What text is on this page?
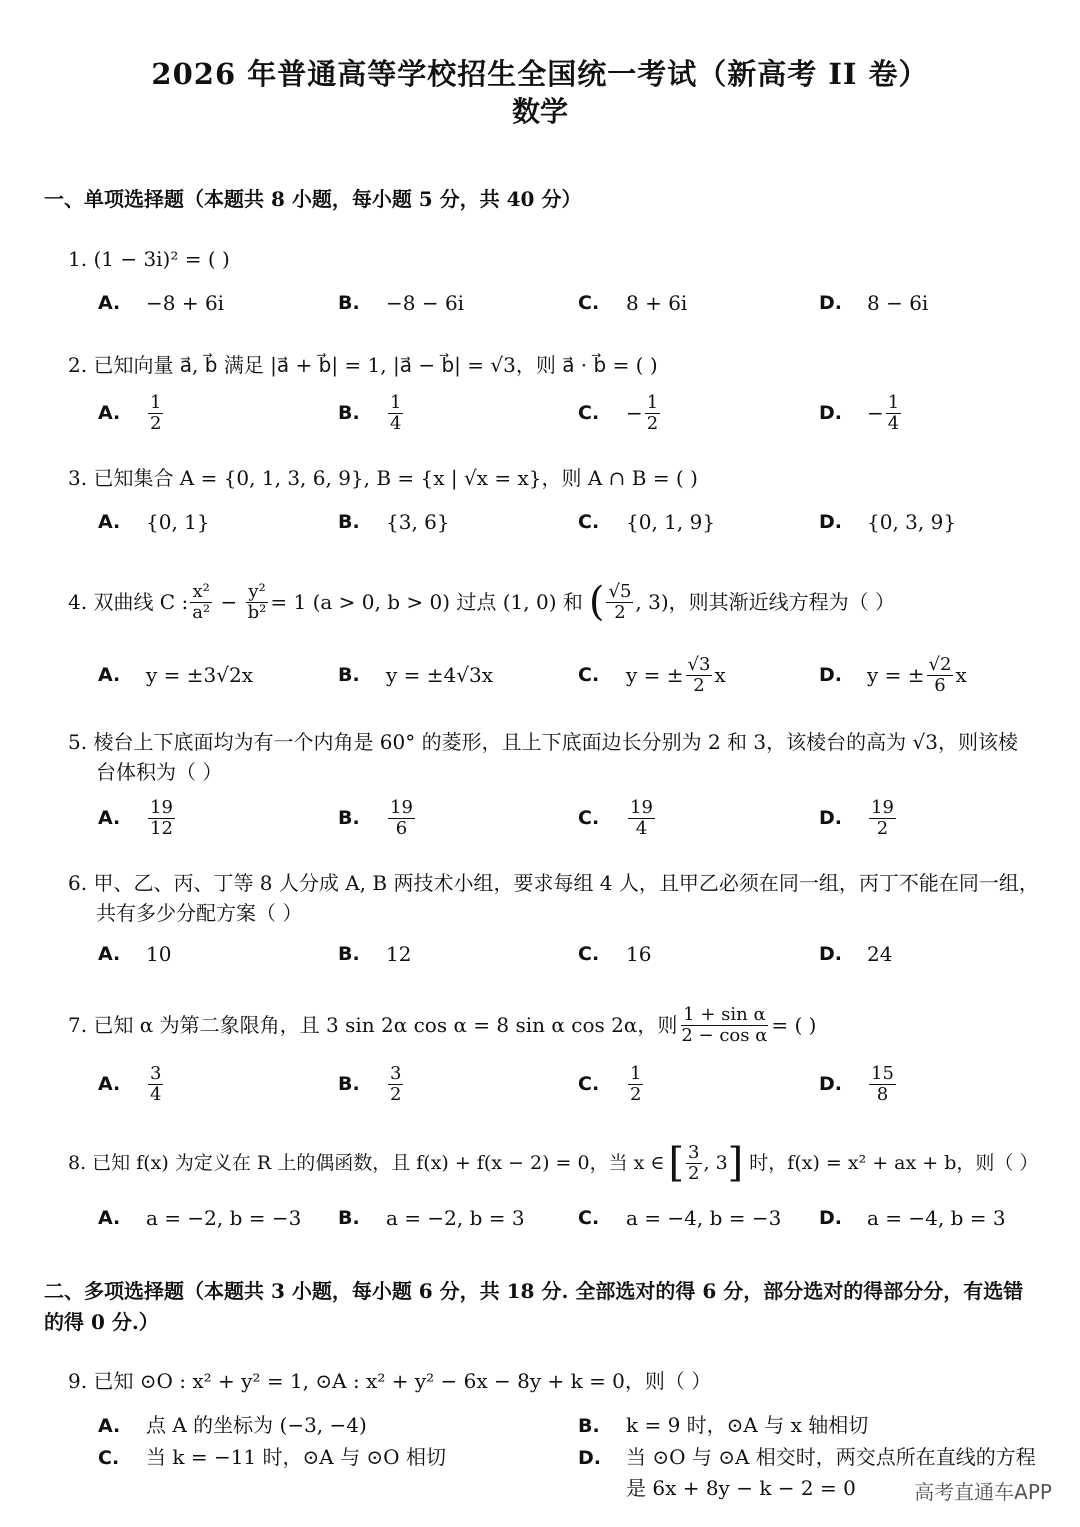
2026 年普通高等学校招生全国统一考试（新高考 II 卷）
数学
一、单项选择题（本题共 8 小题，每小题 5 分，共 40 分）
1. (1 − 3i)² = ( )
A.	−8 + 6i	B.	−8 − 6i	C.	8 + 6i	D.	8 − 6i
2. 已知向量 a⃗, b⃗ 满足 |a⃗ + b⃗| = 1, |a⃗ − b⃗| = √3，则 a⃗ · b⃗ = ( )
A.	$\frac{1}{2}$	B.	$\frac{1}{4}$	C.	− $\frac{1}{2}$	D.	− $\frac{1}{4}$
3. 已知集合 A = {0, 1, 3, 6, 9}, B = {x | √x = x}，则 A ∩ B = ( )
A.	{0, 1}	B.	{3, 6}	C.	{0, 1, 9}	D.	{0, 3, 9}
4. 双曲线 C : $\frac{\text{x²}}{\text{a²}} - \frac{\text{y²}}{\text{b²}} = 1$ (a > 0, b > 0) 过点 (1, 0) 和 ( $\frac{√5}{2}$ , 3)，则其渐近线方程为（ ）
A.	y = ±3√2x	B.	y = ±4√3x	C.	y = ± $\frac{√3}{2}$ x	D.	y = ± $\frac{√2}{6}$ x
5. 棱台上下底面均为有一个内角是 60° 的菱形，且上下底面边长分别为 2 和 3，该棱台的高为 √3，则该棱
台体积为（ ）
A.	$\frac{19}{12}$	B.	$\frac{19}{6}$	C.	$\frac{19}{4}$	D.	$\frac{19}{2}$
6. 甲、乙、丙、丁等 8 人分成 A, B 两技术小组，要求每组 4 人，且甲乙必须在同一组，丙丁不能在同一组，
共有多少分配方案（ ）
A.	10	B.	12	C.	16	D.	24
7. 已知 α 为第二象限角，且 3 sin 2α cos α = 8 sin α cos 2α，则 $\frac{\text{1 + sin α}}{\text{2 − cos α}}$ = ( )
A.	$\frac{3}{4}$	B.	$\frac{3}{2}$	C.	$\frac{1}{2}$	D.	$\frac{15}{8}$
8. 已知 f(x) 为定义在 R 上的偶函数，且 f(x) + f(x − 2) = 0，当 x ∈ [ $\frac{3}{2}$ , 3 ] 时，f(x) = x² + ax + b，则（ ）
A.	a = −2, b = −3 B.	a = −2, b = 3	C.	a = −4, b = −3 D.	a = −4, b = 3
二、多项选择题（本题共 3 小题，每小题 6 分，共 18 分. 全部选对的得 6 分，部分选对的得部分分，有选错
的得 0 分.）
9. 已知 ⊙O : x² + y² = 1, ⊙A : x² + y² − 6x − 8y + k = 0，则（ ）
A. 点 A 的坐标为 (−3, −4)	B. k = 9 时，⊙A 与 x 轴相切
C. 当 k = −11 时，⊙A 与 ⊙O 相切	D. 当 ⊙O 与 ⊙A 相交时，两交点所在直线的方程
是 6x + 8y − k − 2 = 0	高考直通车APP
